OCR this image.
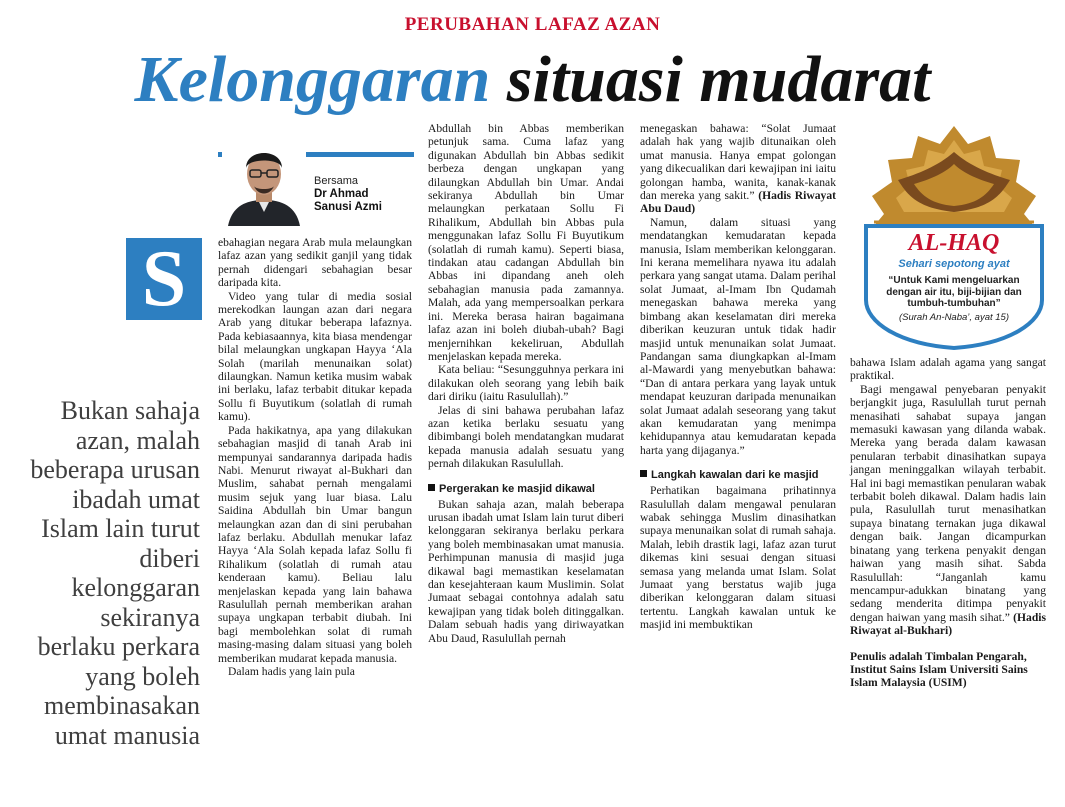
PERUBAHAN LAFAZ AZAN
Kelonggaran situasi mudarat
Bersama
Dr Ahmad
Sanusi Azmi
S
Bukan sahaja azan, malah beberapa urusan ibadah umat Islam lain turut diberi kelonggaran sekiranya berlaku perkara yang boleh membinasakan umat manusia

ebahagian negara Arab mula melaungkan lafaz azan yang sedikit ganjil yang tidak pernah didengari sebahagian besar daripada kita.

Video yang tular di media sosial merekodkan laungan azan dari negara Arab yang ditukar beberapa lafaznya. Pada kebiasaannya, kita biasa mendengar bilal melaungkan ungkapan Hayya ‘Ala Solah (marilah menunaikan solat) dilaungkan. Namun ketika musim wabak ini berlaku, lafaz terbabit ditukar kepada Sollu fi Buyutikum (solatlah di rumah kamu).

Pada hakikatnya, apa yang dilakukan sebahagian masjid di tanah Arab ini mempunyai sandarannya daripada hadis Nabi. Menurut riwayat al-Bukhari dan Muslim, sahabat pernah mengalami musim sejuk yang luar biasa. Lalu Saidina Abdullah bin Umar bangun melaungkan azan dan di sini perubahan lafaz berlaku. Abdullah menukar lafaz Hayya ‘Ala Solah kepada lafaz Sollu fi Rihalikum (solatlah di rumah atau kenderaan kamu). Beliau lalu menjelaskan kepada yang lain bahawa Rasulullah pernah memberikan arahan supaya ungkapan terbabit diubah. Ini bagi membolehkan solat di rumah masing-masing dalam situasi yang boleh memberikan mudarat kepada manusia.

Dalam hadis yang lain pula

Abdullah bin Abbas memberikan petunjuk sama. Cuma lafaz yang digunakan Abdullah bin Abbas sedikit berbeza dengan ungkapan yang dilaungkan Abdullah bin Umar. Andai sekiranya Abdullah bin Umar melaungkan perkataan Sollu Fi Rihalikum, Abdullah bin Abbas pula menggunakan lafaz Sollu Fi Buyutikum (solatlah di rumah kamu). Seperti biasa, tindakan atau cadangan Abdullah bin Abbas ini dipandang aneh oleh sebahagian manusia pada zamannya. Malah, ada yang mempersoalkan perkara ini. Mereka berasa hairan bagaimana lafaz azan ini boleh diubah-ubah? Bagi menjernihkan kekeliruan, Abdullah menjelaskan kepada mereka.

Kata beliau: “Sesungguhnya perkara ini dilakukan oleh seorang yang lebih baik dari diriku (iaitu Rasulullah).”

Jelas di sini bahawa perubahan lafaz azan ketika berlaku sesuatu yang dibimbangi boleh mendatangkan mudarat kepada manusia adalah sesuatu yang pernah dilakukan Rasulullah.

Pergerakan ke masjid dikawal

Bukan sahaja azan, malah beberapa urusan ibadah umat Islam lain turut diberi kelonggaran sekiranya berlaku perkara yang boleh membinasakan umat manusia. Perhimpunan manusia di masjid juga dikawal bagi memastikan keselamatan dan kesejahteraan kaum Muslimin. Solat Jumaat sebagai contohnya adalah satu kewajipan yang tidak boleh ditinggalkan. Dalam sebuah hadis yang diriwayatkan Abu Daud, Rasulullah pernah

menegaskan bahawa: “Solat Jumaat adalah hak yang wajib ditunaikan oleh umat manusia. Hanya empat golongan yang dikecualikan dari kewajipan ini iaitu golongan hamba, wanita, kanak-kanak dan mereka yang sakit.” (Hadis Riwayat Abu Daud)

Namun, dalam situasi yang mendatangkan kemudaratan kepada manusia, Islam memberikan kelonggaran. Ini kerana memelihara nyawa itu adalah perkara yang sangat utama. Dalam perihal solat Jumaat, al-Imam Ibn Qudamah menegaskan bahawa mereka yang bimbang akan keselamatan diri mereka diberikan keuzuran untuk tidak hadir masjid untuk menunaikan solat Jumaat. Pandangan sama diungkapkan al-Imam al-Mawardi yang menyebutkan bahawa: “Dan di antara perkara yang layak untuk mendapat keuzuran daripada menunaikan solat Jumaat adalah seseorang yang takut akan kemudaratan yang menimpa kehidupannya atau kemudaratan kepada harta yang dijaganya.”

Langkah kawalan dari ke masjid

Perhatikan bagaimana prihatinnya Rasulullah dalam mengawal penularan wabak sehingga Muslim dinasihatkan supaya menunaikan solat di rumah sahaja. Malah, lebih drastik lagi, lafaz azan turut dikemas kini sesuai dengan situasi semasa yang melanda umat Islam. Solat Jumaat yang berstatus wajib juga diberikan kelonggaran dalam situasi tertentu. Langkah kawalan untuk ke masjid ini membuktikan

AL-HAQ
Sehari sepotong ayat
“Untuk Kami mengeluarkan dengan air itu, biji-bijian dan tumbuh-tumbuhan”
(Surah An-Naba’, ayat 15)

bahawa Islam adalah agama yang sangat praktikal.

Bagi mengawal penyebaran penyakit berjangkit juga, Rasulullah turut pernah menasihati sahabat supaya jangan memasuki kawasan yang dilanda wabak. Mereka yang berada dalam kawasan penularan terbabit dinasihatkan supaya jangan meninggalkan wilayah terbabit. Hal ini bagi memastikan penularan wabak terbabit boleh dikawal. Dalam hadis lain pula, Rasulullah turut menasihatkan supaya binatang ternakan juga dikawal dengan baik. Jangan dicampurkan binatang yang terkena penyakit dengan haiwan yang masih sihat. Sabda Rasulullah: “Janganlah kamu mencampur-adukkan binatang yang sedang menderita ditimpa penyakit dengan haiwan yang masih sihat.” (Hadis Riwayat al-Bukhari)

Penulis adalah Timbalan Pengarah, Institut Sains Islam Universiti Sains Islam Malaysia (USIM)
